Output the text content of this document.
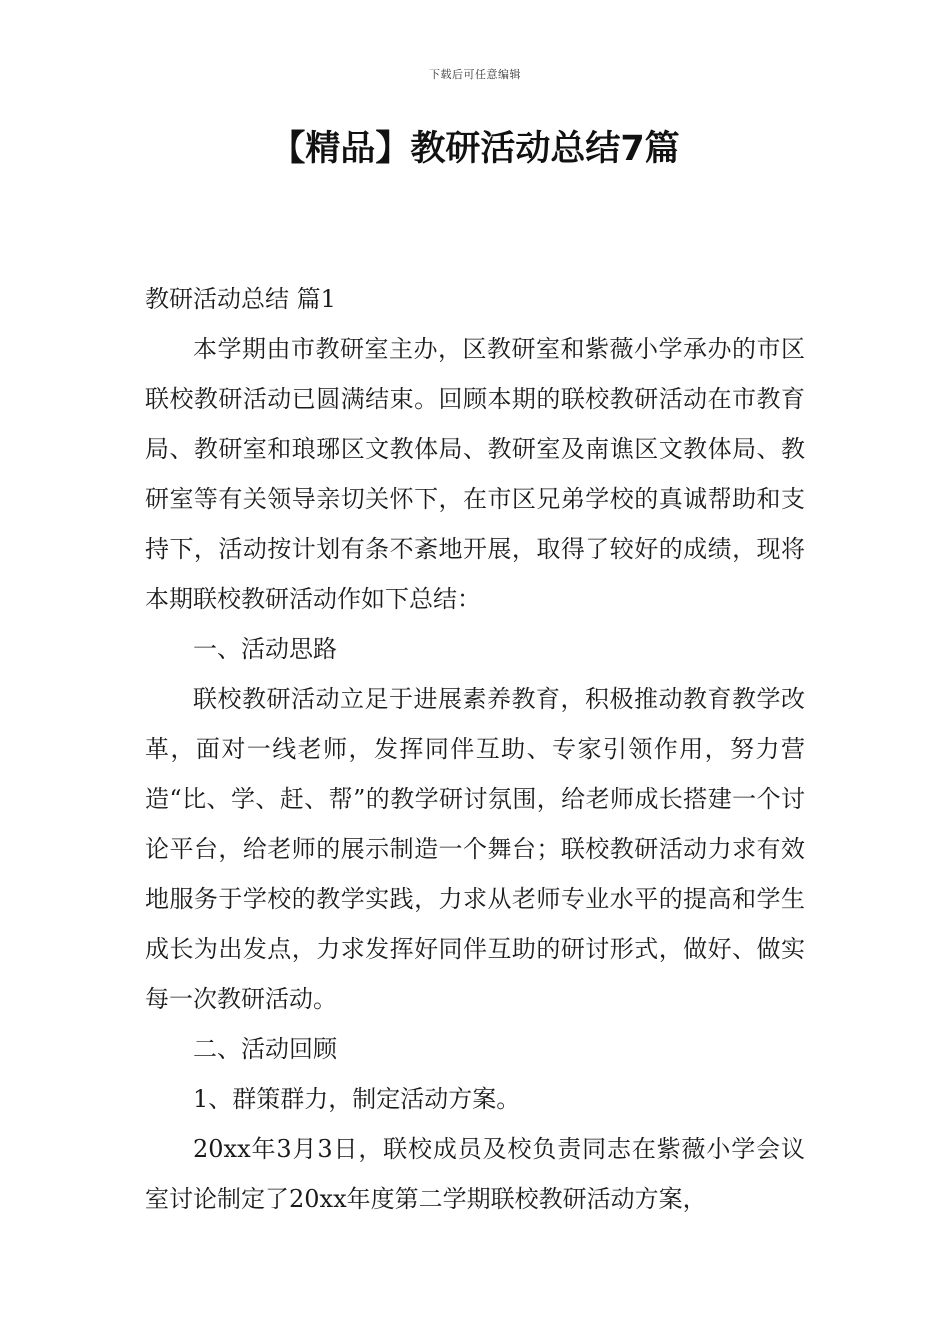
下载后可任意编辑
【精品】教研活动总结7篇

教研活动总结 篇1

本学期由市教研室主办，区教研室和紫薇小学承办的市区联校教研活动已圆满结束。回顾本期的联校教研活动在市教育局、教研室和琅琊区文教体局、教研室及南谯区文教体局、教研室等有关领导亲切关怀下，在市区兄弟学校的真诚帮助和支持下，活动按计划有条不紊地开展，取得了较好的成绩，现将本期联校教研活动作如下总结：

一、活动思路

联校教研活动立足于进展素养教育，积极推动教育教学改革，面对一线老师，发挥同伴互助、专家引领作用，努力营造“比、学、赶、帮”的教学研讨氛围，给老师成长搭建一个讨论平台，给老师的展示制造一个舞台；联校教研活动力求有效地服务于学校的教学实践，力求从老师专业水平的提高和学生成长为出发点，力求发挥好同伴互助的研讨形式，做好、做实每一次教研活动。

二、活动回顾

1、群策群力，制定活动方案。

20xx年3月3日，联校成员及校负责同志在紫薇小学会议室讨论制定了20xx年度第二学期联校教研活动方案，
